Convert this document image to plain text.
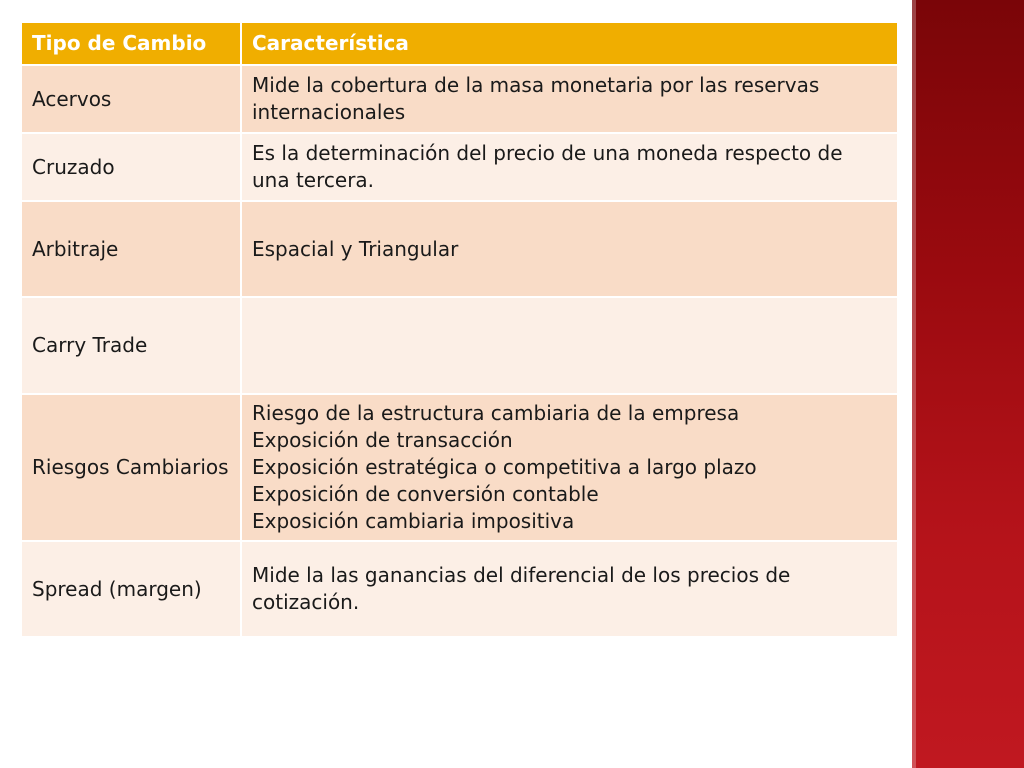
Tipo de Cambio	Característica
Acervos	Mide la cobertura de la masa monetaria por las reservas
internacionales
Cruzado	Es la determinación del precio de una moneda respecto de
una tercera.
Arbitraje	Espacial y Triangular
Carry Trade	
Riesgos Cambiarios	Riesgo de la estructura cambiaria de la empresa
Exposición de transacción
Exposición estratégica o competitiva a largo plazo
Exposición de conversión contable
Exposición cambiaria impositiva
Spread (margen)	Mide la las ganancias del diferencial de los precios de
cotización.
